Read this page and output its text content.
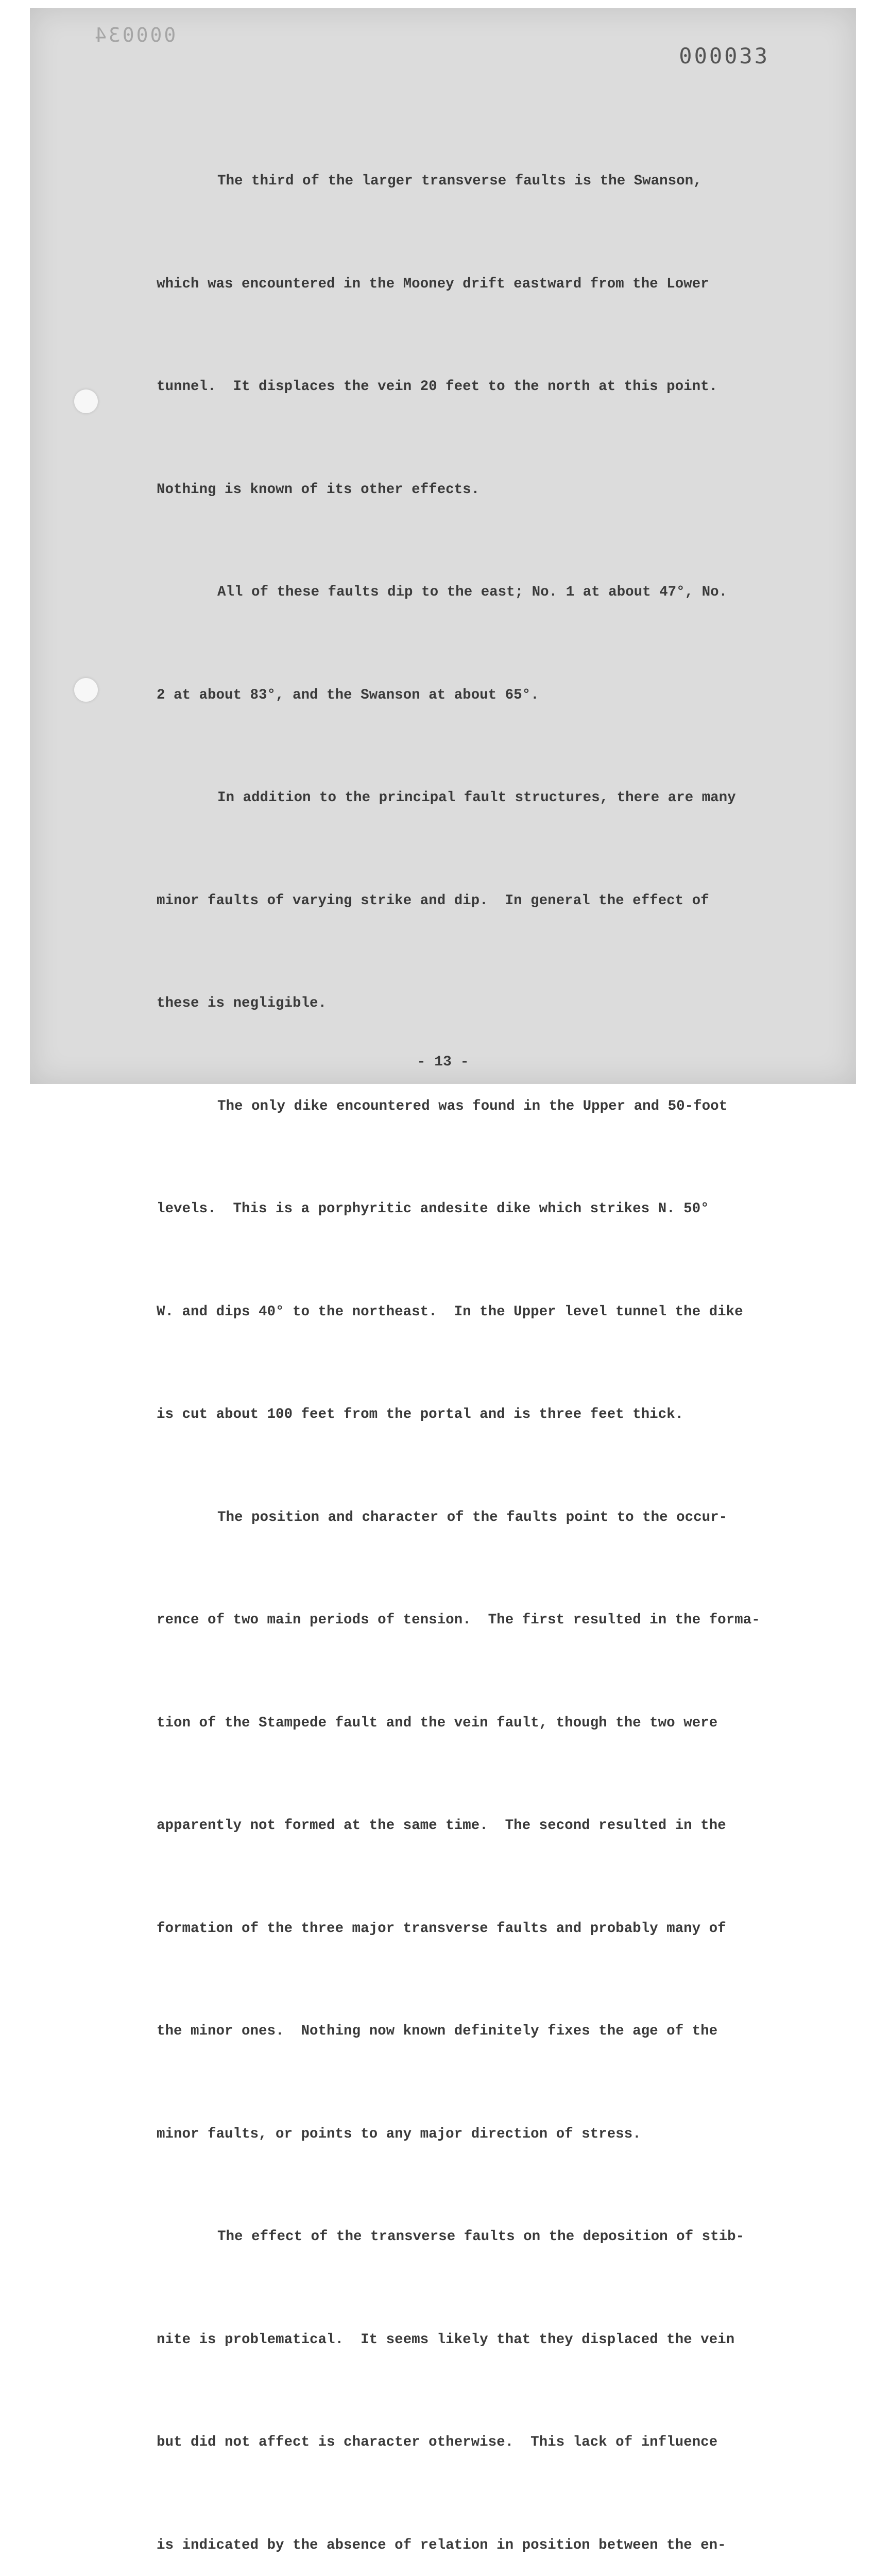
000034
000033

The third of the larger transverse faults is the Swanson,

which was encountered in the Mooney drift eastward from the Lower

tunnel.  It displaces the vein 20 feet to the north at this point.

Nothing is known of its other effects.

All of these faults dip to the east; No. 1 at about 47°, No.

2 at about 83°, and the Swanson at about 65°.

In addition to the principal fault structures, there are many

minor faults of varying strike and dip.  In general the effect of

these is negligible.

The only dike encountered was found in the Upper and 50-foot

levels.  This is a porphyritic andesite dike which strikes N. 50°

W. and dips 40° to the northeast.  In the Upper level tunnel the dike

is cut about 100 feet from the portal and is three feet thick.

The position and character of the faults point to the occur-

rence of two main periods of tension.  The first resulted in the forma-

tion of the Stampede fault and the vein fault, though the two were

apparently not formed at the same time.  The second resulted in the

formation of the three major transverse faults and probably many of

the minor ones.  Nothing now known definitely fixes the age of the

minor faults, or points to any major direction of stress.

The effect of the transverse faults on the deposition of stib-

nite is problematical.  It seems likely that they displaced the vein

but did not affect is character otherwise.  This lack of influence

is indicated by the absence of relation in position between the en-

- 13 -
